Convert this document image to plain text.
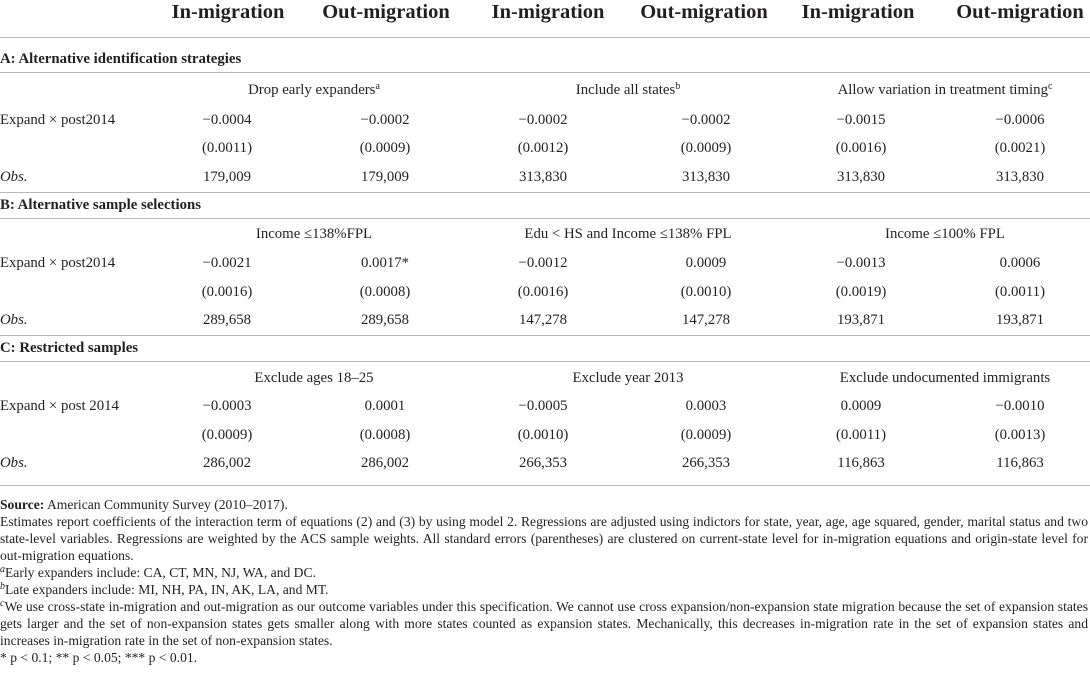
In-migration	Out-migration	In-migration	Out-migration	In-migration	Out-migration
A: Alternative identification strategies
Drop early expanders$^a$	Include all states$^b$	Allow variation in treatment timing$^c$
Expand × post2014	−0.0004	−0.0002	−0.0002	−0.0002	−0.0015	−0.0006
(0.0011)	(0.0009)	(0.0012)	(0.0009)	(0.0016)	(0.0021)
Obs.	179,009	179,009	313,830	313,830	313,830	313,830
B: Alternative sample selections
Income ≤138%FPL	Edu < HS and Income ≤138% FPL	Income ≤100% FPL
Expand × post2014	−0.0021	0.0017*	−0.0012	0.0009	−0.0013	0.0006
(0.0016)	(0.0008)	(0.0016)	(0.0010)	(0.0019)	(0.0011)
Obs.	289,658	289,658	147,278	147,278	193,871	193,871
C: Restricted samples
Exclude ages 18–25	Exclude year 2013	Exclude undocumented immigrants
Expand × post 2014	−0.0003	0.0001	−0.0005	0.0003	0.0009	−0.0010
(0.0009)	(0.0008)	(0.0010)	(0.0009)	(0.0011)	(0.0013)
Obs.	286,002	286,002	266,353	266,353	116,863	116,863

Source: American Community Survey (2010–2017).

Estimates report coefficients of the interaction term of equations (2) and (3) by using model 2. Regressions are adjusted using indictors for state, year, age, age squared, gender, marital status and two state-level variables. Regressions are weighted by the ACS sample weights. All standard errors (parentheses) are clustered on current-state level for in-migration equations and origin-state level for out-migration equations.

$^a$Early expanders include: CA, CT, MN, NJ, WA, and DC.

$^b$Late expanders include: MI, NH, PA, IN, AK, LA, and MT.

$^c$We use cross-state in-migration and out-migration as our outcome variables under this specification. We cannot use cross expansion/non-expansion state migration because the set of expansion states gets larger and the set of non-expansion states gets smaller along with more states counted as expansion states. Mechanically, this decreases in-migration rate in the set of expansion states and increases in-migration rate in the set of non-expansion states.

* p < 0.1; ** p < 0.05; *** p < 0.01.
